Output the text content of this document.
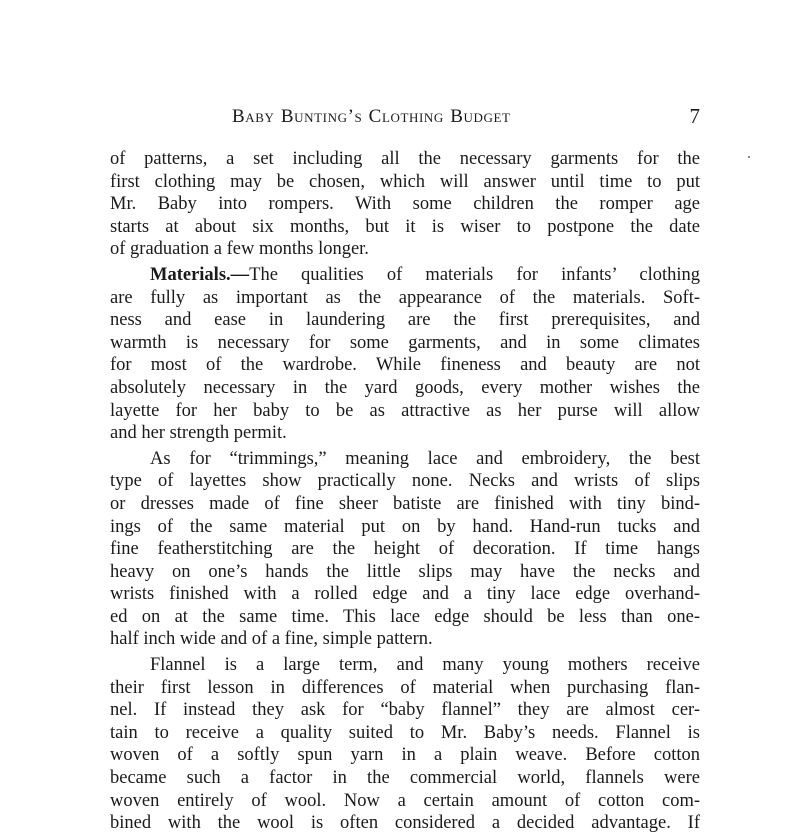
Baby Bunting’s Clothing Budget	7
of patterns, a set including all the necessary garments for the
first clothing may be chosen, which will answer until time to put
Mr. Baby into rompers. With some children the romper age
starts at about six months, but it is wiser to postpone the date
of graduation a few months longer.
Materials.—The qualities of materials for infants’ clothing
are fully as important as the appearance of the materials. Soft-
ness and ease in laundering are the first prerequisites, and
warmth is necessary for some garments, and in some climates
for most of the wardrobe. While fineness and beauty are not
absolutely necessary in the yard goods, every mother wishes the
layette for her baby to be as attractive as her purse will allow
and her strength permit.
As for “trimmings,” meaning lace and embroidery, the best
type of layettes show practically none. Necks and wrists of slips
or dresses made of fine sheer batiste are finished with tiny bind-
ings of the same material put on by hand. Hand-run tucks and
fine featherstitching are the height of decoration. If time hangs
heavy on one’s hands the little slips may have the necks and
wrists finished with a rolled edge and a tiny lace edge overhand-
ed on at the same time. This lace edge should be less than one-
half inch wide and of a fine, simple pattern.
Flannel is a large term, and many young mothers receive
their first lesson in differences of material when purchasing flan-
nel. If instead they ask for “baby flannel” they are almost cer-
tain to receive a quality suited to Mr. Baby’s needs. Flannel is
woven of a softly spun yarn in a plain weave. Before cotton
became such a factor in the commercial world, flannels were
woven entirely of wool. Now a certain amount of cotton com-
bined with the wool is often considered a decided advantage. If
